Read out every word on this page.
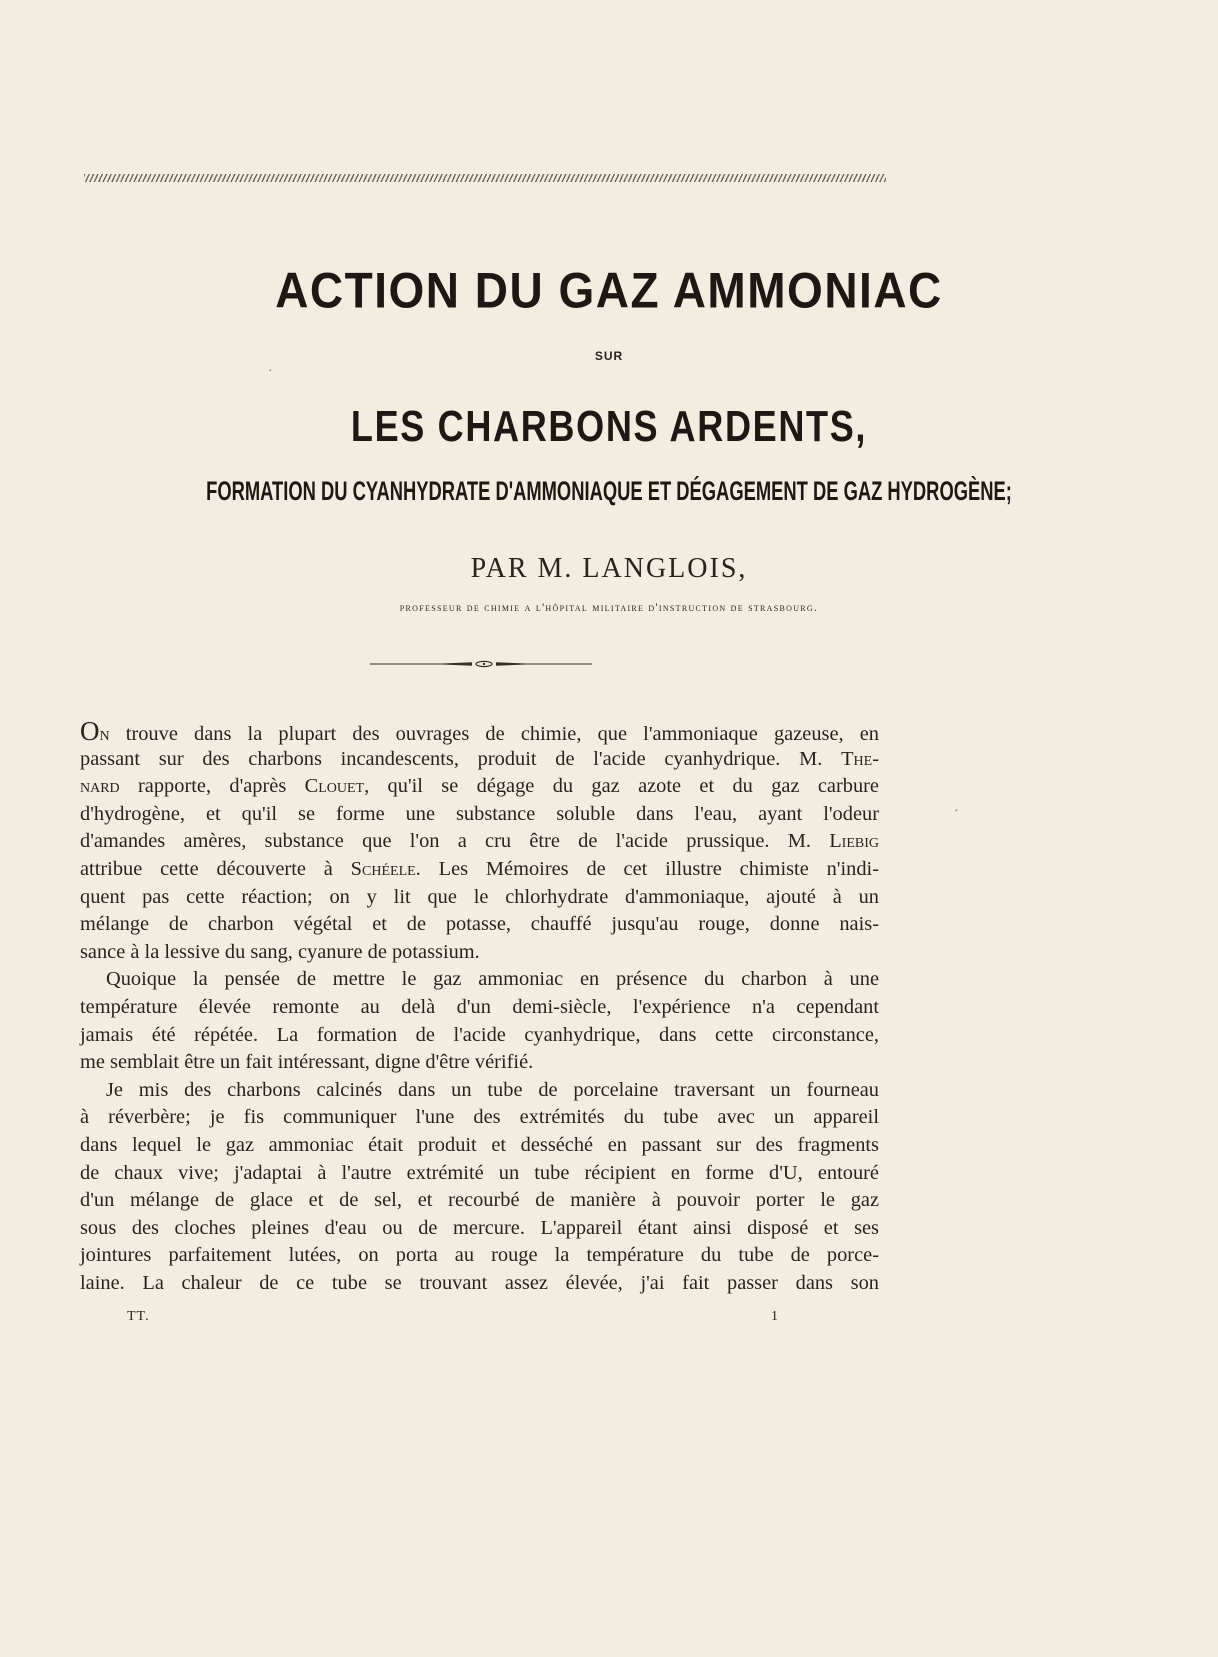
ACTION DU GAZ AMMONIAC
SUR
LES CHARBONS ARDENTS,
FORMATION DU CYANHYDRATE D'AMMONIAQUE ET DÉGAGEMENT DE GAZ HYDROGÈNE;
PAR M. LANGLOIS,
professeur de chimie a l'hôpital militaire d'instruction de strasbourg.
On trouve dans la plupart des ouvrages de chimie, que l'ammoniaque gazeuse, en
passant sur des charbons incandescents, produit de l'acide cyanhydrique. M. The-
nard rapporte, d'après Clouet, qu'il se dégage du gaz azote et du gaz carbure
d'hydrogène, et qu'il se forme une substance soluble dans l'eau, ayant l'odeur
d'amandes amères, substance que l'on a cru être de l'acide prussique. M. Liebig
attribue cette découverte à Schéele. Les Mémoires de cet illustre chimiste n'indi-
quent pas cette réaction; on y lit que le chlorhydrate d'ammoniaque, ajouté à un
mélange de charbon végétal et de potasse, chauffé jusqu'au rouge, donne nais-
sance à la lessive du sang, cyanure de potassium.
Quoique la pensée de mettre le gaz ammoniac en présence du charbon à une
température élevée remonte au delà d'un demi-siècle, l'expérience n'a cependant
jamais été répétée. La formation de l'acide cyanhydrique, dans cette circonstance,
me semblait être un fait intéressant, digne d'être vérifié.
Je mis des charbons calcinés dans un tube de porcelaine traversant un fourneau
à réverbère; je fis communiquer l'une des extrémités du tube avec un appareil
dans lequel le gaz ammoniac était produit et desséché en passant sur des fragments
de chaux vive; j'adaptai à l'autre extrémité un tube récipient en forme d'U, entouré
d'un mélange de glace et de sel, et recourbé de manière à pouvoir porter le gaz
sous des cloches pleines d'eau ou de mercure. L'appareil étant ainsi disposé et ses
jointures parfaitement lutées, on porta au rouge la température du tube de porce-
laine. La chaleur de ce tube se trouvant assez élevée, j'ai fait passer dans son
TT.	1
·
ˊ
